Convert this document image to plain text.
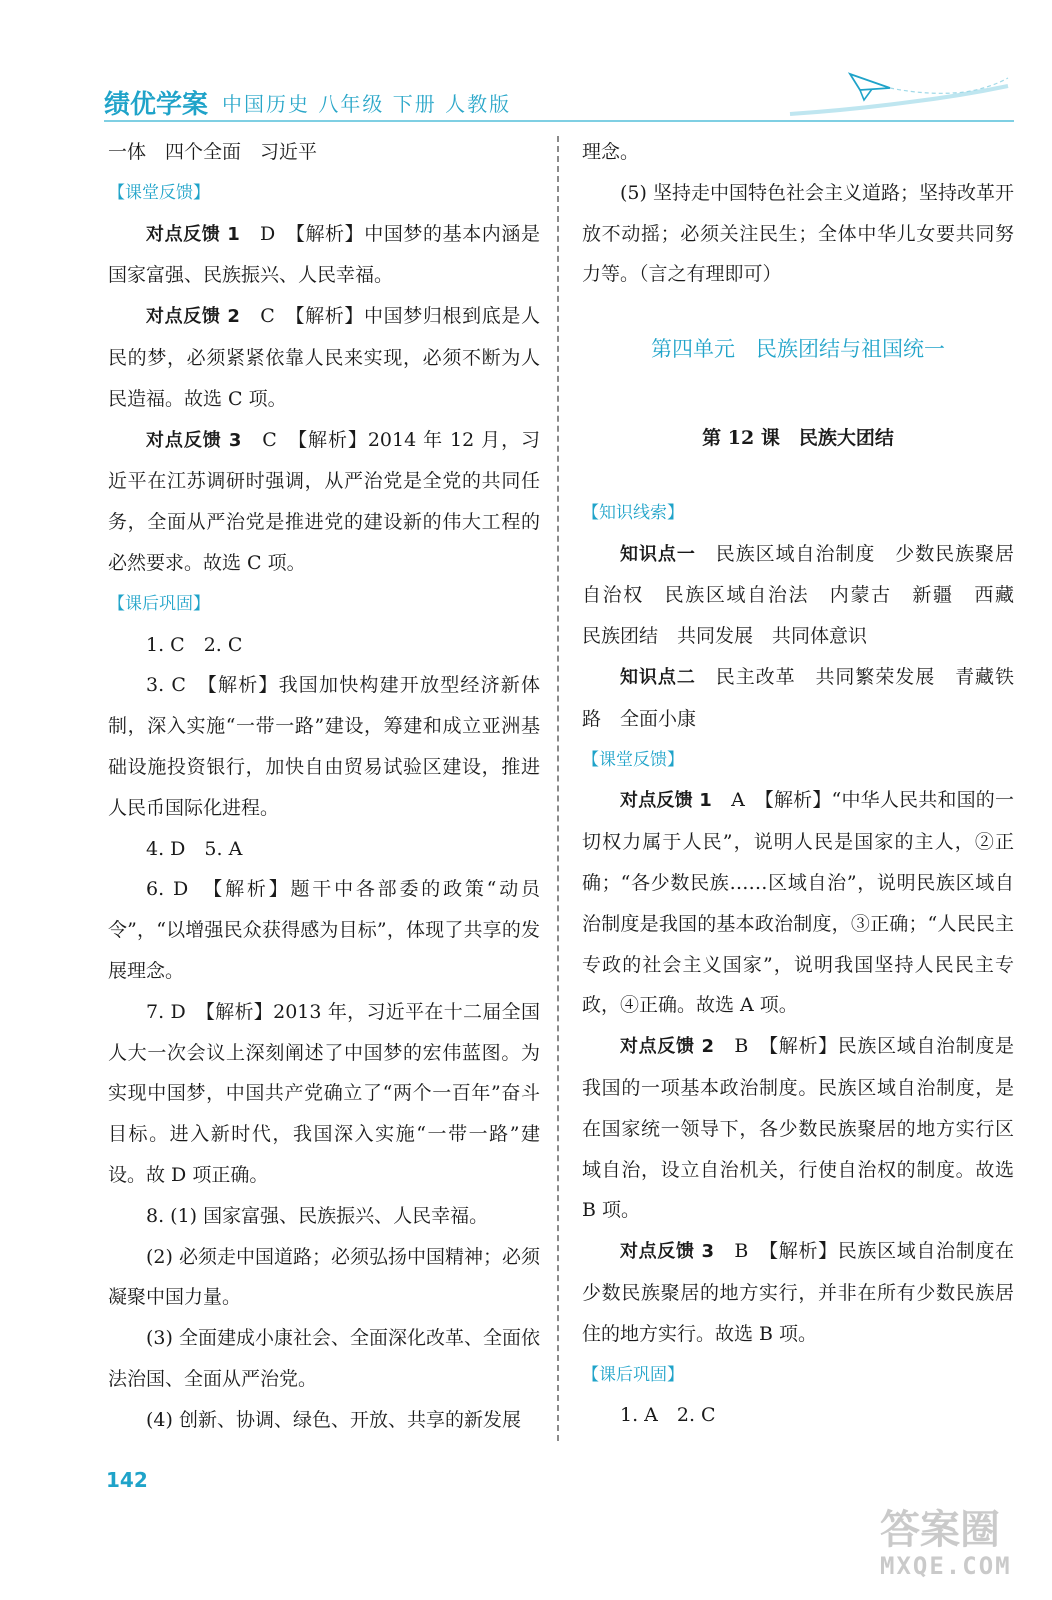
绩优学案 中国历史 八年级 下册 人教版

一体　四个全面　习近平

【课堂反馈】

对点反馈 1　D　【解析】中国梦的基本内涵是国家富强、民族振兴、人民幸福。

对点反馈 2　C　【解析】中国梦归根到底是人民的梦，必须紧紧依靠人民来实现，必须不断为人民造福。故选 C 项。

对点反馈 3　C　【解析】2014 年 12 月，习近平在江苏调研时强调，从严治党是全党的共同任务，全面从严治党是推进党的建设新的伟大工程的必然要求。故选 C 项。

【课后巩固】

1. C　2. C

3. C　【解析】我国加快构建开放型经济新体制，深入实施“一带一路”建设，筹建和成立亚洲基础设施投资银行，加快自由贸易试验区建设，推进人民币国际化进程。

4. D　5. A

6. D　【解析】题干中各部委的政策“动员令”，“以增强民众获得感为目标”，体现了共享的发展理念。

7. D　【解析】2013 年，习近平在十二届全国人大一次会议上深刻阐述了中国梦的宏伟蓝图。为实现中国梦，中国共产党确立了“两个一百年”奋斗目标。进入新时代，我国深入实施“一带一路”建设。故 D 项正确。

8. (1) 国家富强、民族振兴、人民幸福。

(2) 必须走中国道路；必须弘扬中国精神；必须凝聚中国力量。

(3) 全面建成小康社会、全面深化改革、全面依法治国、全面从严治党。

(4) 创新、协调、绿色、开放、共享的新发展

理念。

(5) 坚持走中国特色社会主义道路；坚持改革开放不动摇；必须关注民生；全体中华儿女要共同努力等。（言之有理即可）

第四单元　民族团结与祖国统一

第 12 课　民族大团结

【知识线索】

知识点一　民族区域自治制度　少数民族聚居　自治权　民族区域自治法　内蒙古　新疆　西藏　民族团结　共同发展　共同体意识

知识点二　民主改革　共同繁荣发展　青藏铁路　全面小康

【课堂反馈】

对点反馈 1　A　【解析】“中华人民共和国的一切权力属于人民”，说明人民是国家的主人，②正确；“各少数民族……区域自治”，说明民族区域自治制度是我国的基本政治制度，③正确；“人民民主专政的社会主义国家”，说明我国坚持人民民主专政，④正确。故选 A 项。

对点反馈 2　B　【解析】民族区域自治制度是我国的一项基本政治制度。民族区域自治制度，是在国家统一领导下，各少数民族聚居的地方实行区域自治，设立自治机关，行使自治权的制度。故选 B 项。

对点反馈 3　B　【解析】民族区域自治制度在少数民族聚居的地方实行，并非在所有少数民族居住的地方实行。故选 B 项。

【课后巩固】

1. A　2. C

142
答案圈
MXQE.COM
